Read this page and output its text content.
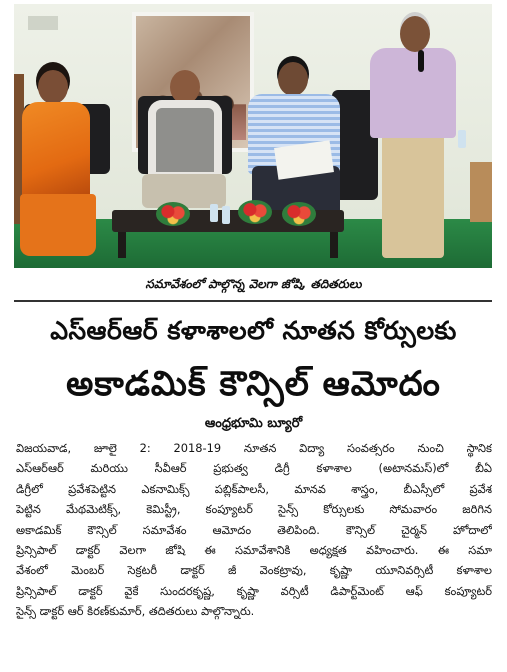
సమావేశంలో పాల్గొన్న వెలగా జోషి, తదితరులు
ఎస్ఆర్ఆర్ కళాశాలలో నూతన కోర్సులకు
అకాడమిక్ కౌన్సిల్ ఆమోదం
ఆంధ్రభూమి బ్యూరో
విజయవాడ, జూలై 2: 2018-19 నూతన విద్యా సంవత్సరం నుంచి స్థానిక
ఎస్ఆర్ఆర్ మరియు సీవీఆర్ ప్రభుత్వ డిగ్రీ కళాశాల (అటానమస్)లో బీఏ
డిగ్రీలో ప్రవేశపెట్టిన ఎకనామిక్స్ పబ్లిక్‌పాలసీ, మానవ శాస్త్రం, బీఎస్సీలో ప్రవేశ
పెట్టిన మేథమెటిక్స్, కెమిస్ట్రీ, కంప్యూటర్ సైన్స్ కోర్సులకు సోమవారం జరిగిన
అకాడమిక్ కౌన్సిల్ సమావేశం ఆమోదం తెలిపింది. కౌన్సిల్ చైర్మన్ హోదాలో
ప్రిన్సిపాల్ డాక్టర్ వెలగా జోషి ఈ సమావేశానికి అధ్యక్షత వహించారు. ఈ సమా
వేశంలో మెంబర్ సెక్రటరీ డాక్టర్ జీ వెంకట్రావు, కృష్ణా యూనివర్సిటీ కళాశాల
ప్రిన్సిపాల్ డాక్టర్ వైకే సుందరకృష్ణ, కృష్ణా వర్సిటీ డిపార్ట్‌మెంట్ ఆఫ్ కంప్యూటర్
సైన్స్ డాక్టర్ ఆర్ కిరణ్‌కుమార్, తదితరులు పాల్గొన్నారు.
